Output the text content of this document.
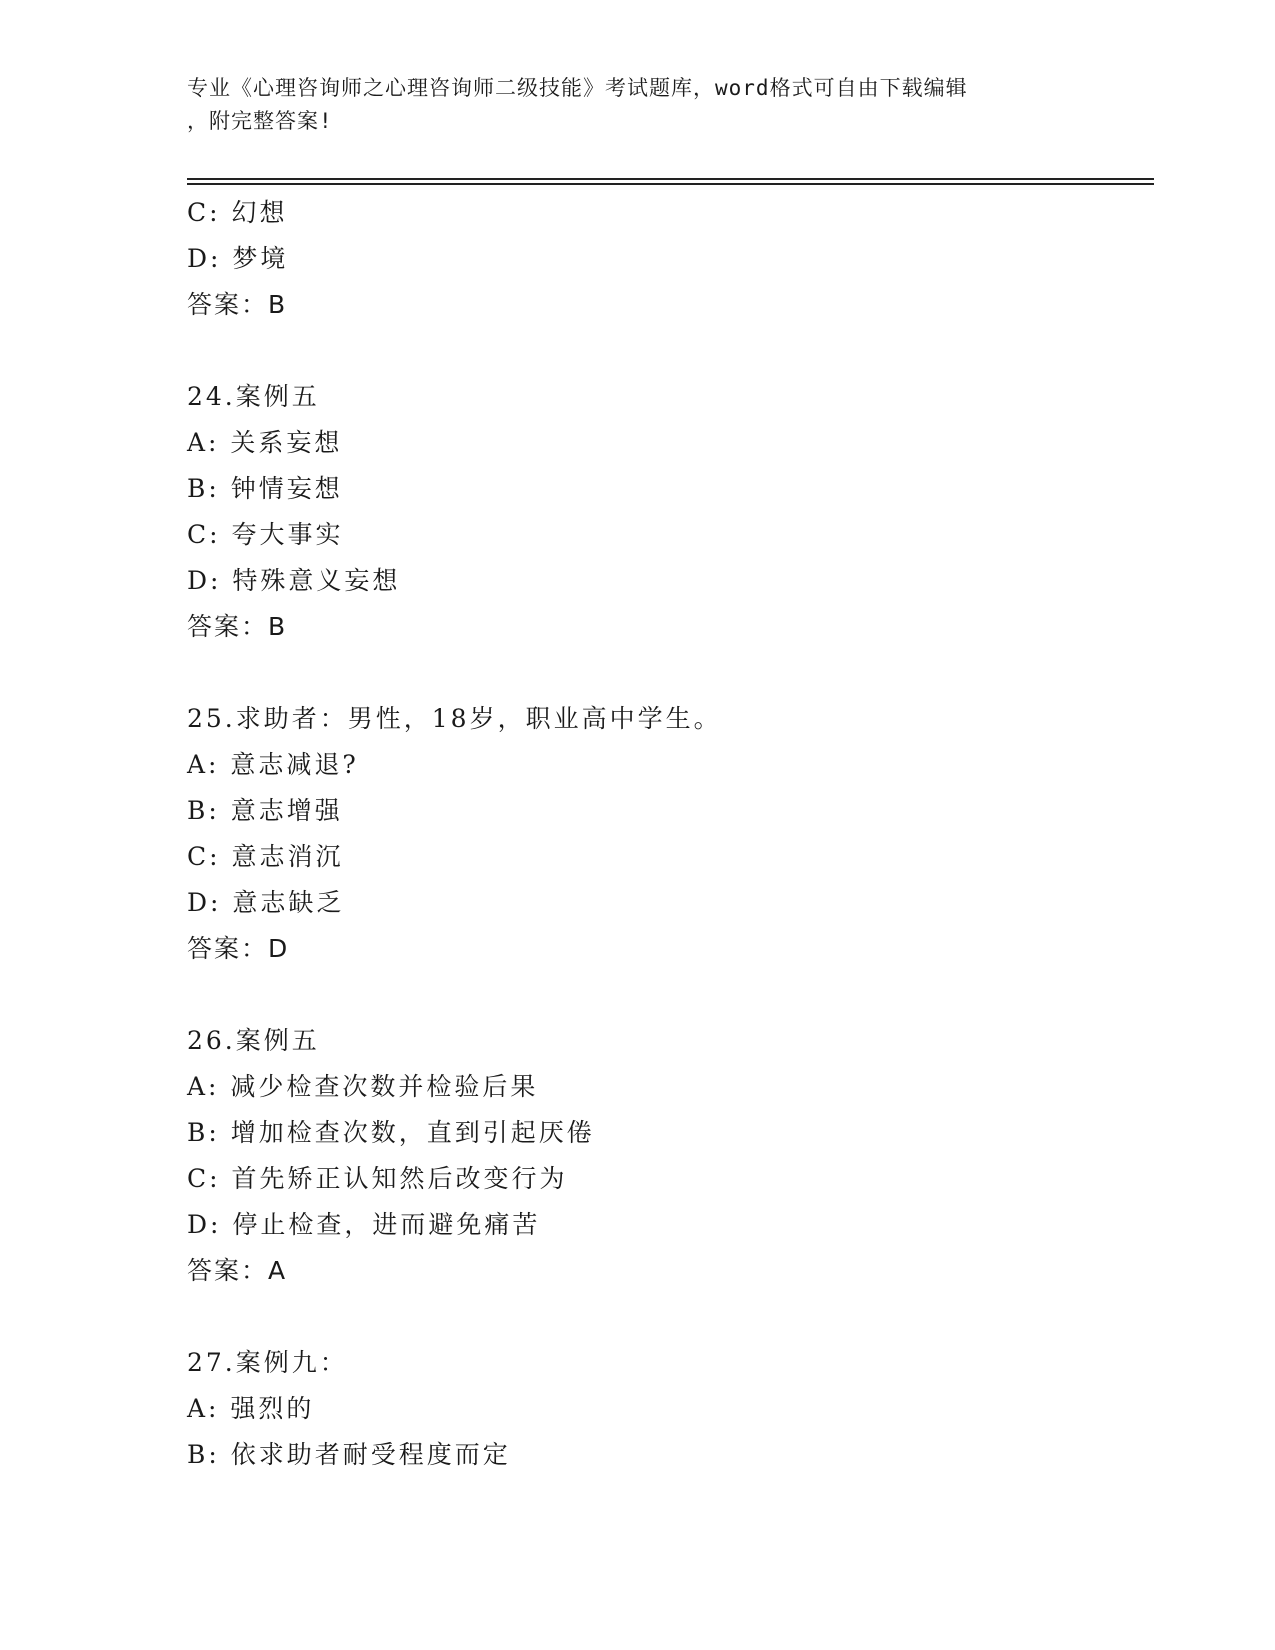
专业《心理咨询师之心理咨询师二级技能》考试题库，word格式可自由下载编辑
，附完整答案!
C: 幻想
D: 梦境
答案：B
24.案例五
A: 关系妄想
B: 钟情妄想
C: 夸大事实
D: 特殊意义妄想
答案：B
25.求助者：男性，18岁，职业高中学生。
A: 意志减退?
B: 意志增强
C: 意志消沉
D: 意志缺乏
答案：D
26.案例五
A: 减少检查次数并检验后果
B: 增加检查次数，直到引起厌倦
C: 首先矫正认知然后改变行为
D: 停止检查，进而避免痛苦
答案：A
27.案例九：
A: 强烈的
B: 依求助者耐受程度而定
